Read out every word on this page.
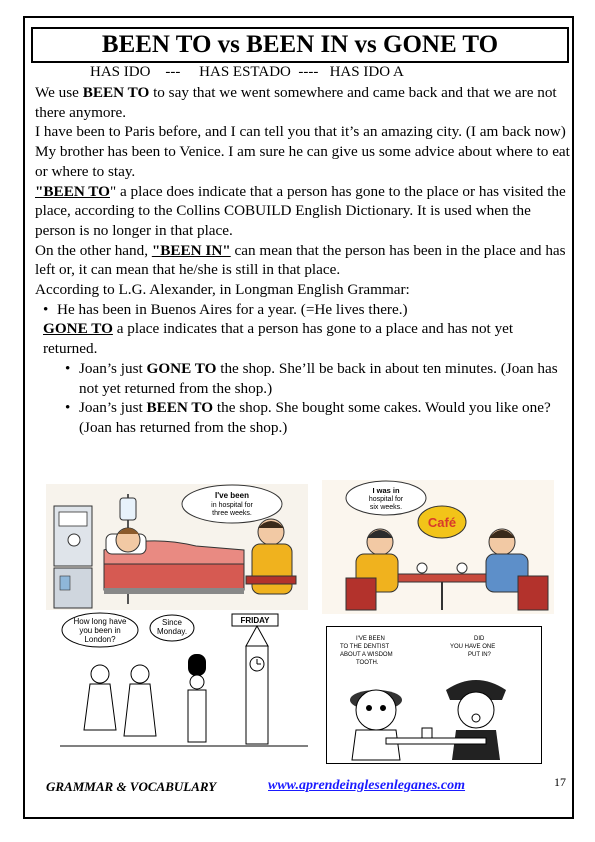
BEEN TO vs BEEN IN vs GONE TO
HAS IDO    ---     HAS ESTADO  ----   HAS IDO A

We use BEEN TO to say that we went somewhere and came back and that we are not there anymore.

I have been to Paris before, and I can tell you that it’s an amazing city. (I am back now)

My brother has been to Venice. I am sure he can give us some advice about where to eat or where to stay.

"BEEN TO" a place does indicate that a person has gone to the place or has visited the place, according to the Collins COBUILD English Dictionary. It is used when the person is no longer in that place.

On the other hand, "BEEN IN" can mean that the person has been in the place and has left or, it can mean that he/she is still in that place.

According to L.G. Alexander, in Longman English Grammar:

• He has been in Buenos Aires for a year. (=He lives there.)

GONE TO a place indicates that a person has gone to a place and has not yet returned.

• Joan’s just GONE TO the shop. She’ll be back in about ten minutes. (Joan has not yet returned from the shop.)

• Joan’s just BEEN TO the shop. She bought some cakes. Would you like one? (Joan has returned from the shop.)

I've been
in hospital for
three weeks.
Café
I was in
hospital for
six weeks.
How long have
you been in
London?
Since
Monday.
FRIDAY
I'VE BEEN
TO THE DENTIST
ABOUT A WISDOM
TOOTH.
DID
YOU HAVE ONE
PUT IN?
GRAMMAR & VOCABULARY	www.aprendeinglesenleganes.com	17
